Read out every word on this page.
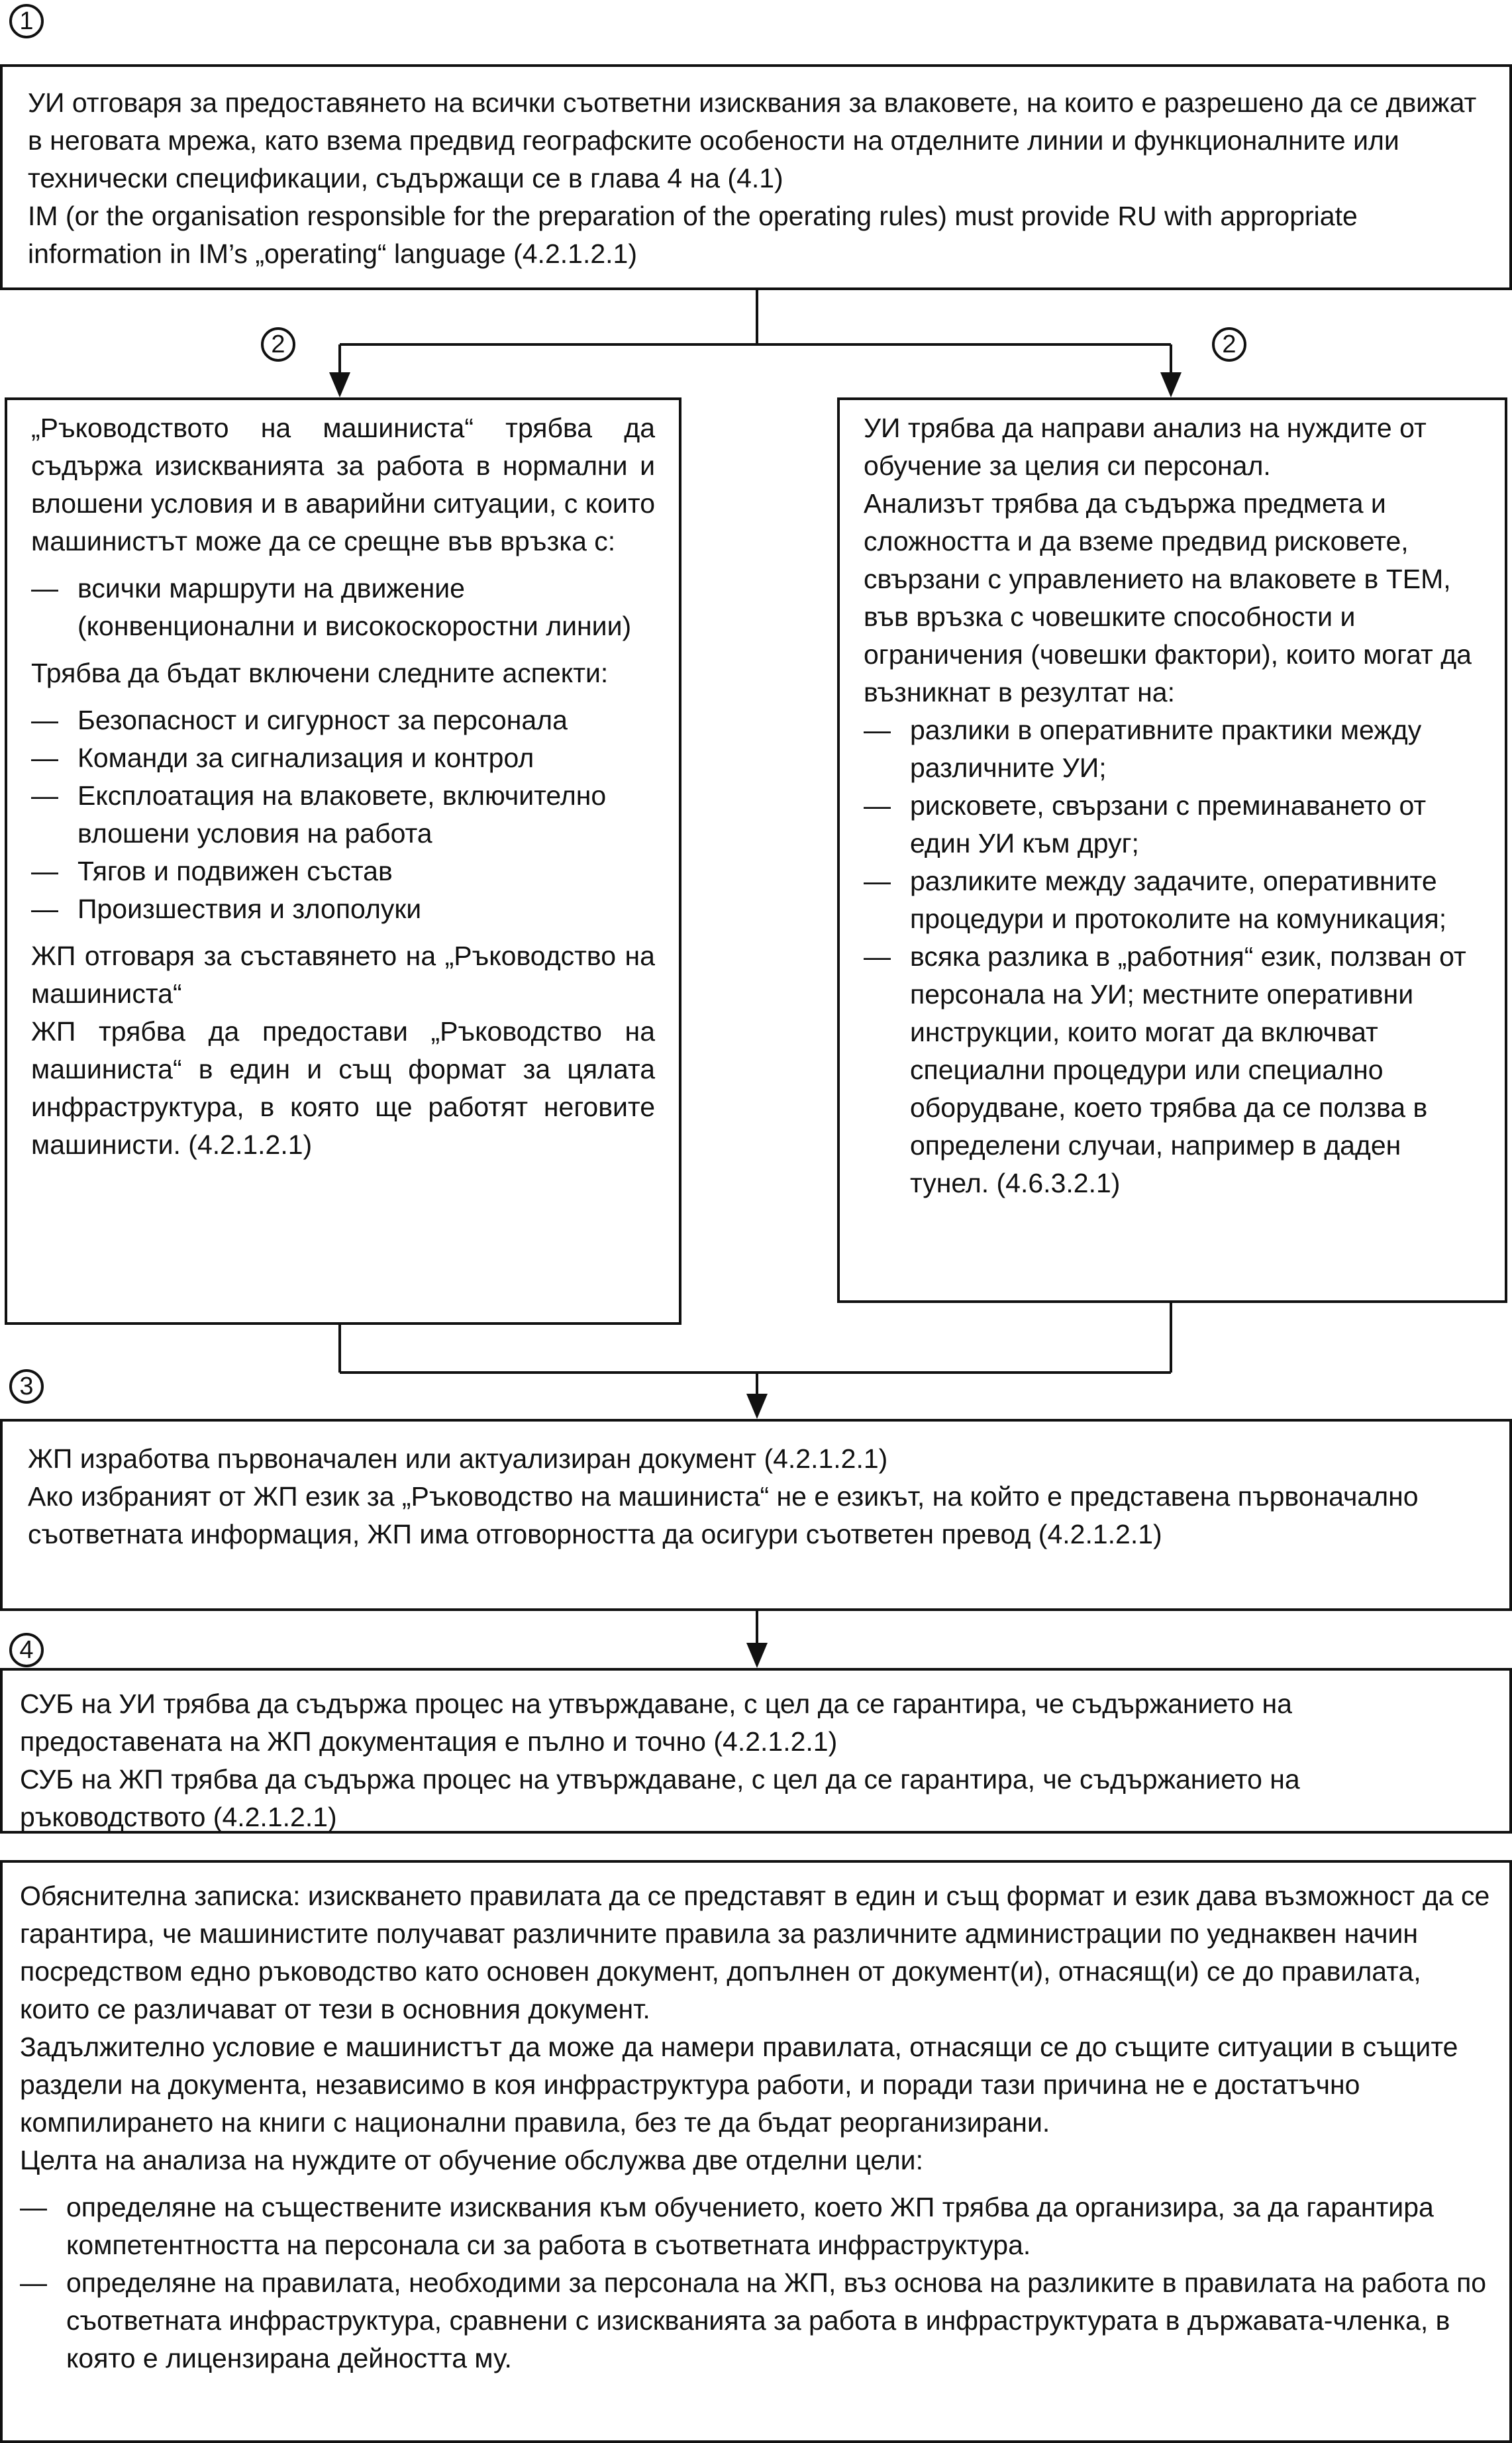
1
2	2
3
4

УИ отговаря за предоставянето на всички съответни изисквания за влаковете, на които е разрешено да се движат в неговата мрежа, като взема предвид географските особености на отделните линии и функционалните или технически спецификации, съдържащи се в глава 4 на (4.1)

IM (or the organisation responsible for the preparation of the operating rules) must provide RU with appropriate information in IM’s „operating“ language (4.2.1.2.1)

„Ръководството на машиниста“ трябва да съдържа изискванията за работа в нормални и влошени условия и в аварийни ситуации, с които машинистът може да се срещне във връзка с:

— всички маршрути на движение (конвенционални и високоскоростни линии)

Трябва да бъдат включени следните аспекти:

— Безопасност и сигурност за персонала
— Команди за сигнализация и контрол
— Експлоатация на влаковете, включително влошени условия на работа
— Тягов и подвижен състав
— Произшествия и злополуки

ЖП отговаря за съставянето на „Ръководство на машиниста“

ЖП трябва да предостави „Ръководство на машиниста“ в един и същ формат за цялата инфраструктура, в която ще работят неговите машинисти. (4.2.1.2.1)

УИ трябва да направи анализ на нуждите от обучение за целия си персонал.

Анализът трябва да съдържа предмета и сложността и да вземе предвид рисковете, свързани с управлението на влаковете в ТЕМ, във връзка с човешките способности и ограничения (човешки фактори), които могат да възникнат в резултат на:

— разлики в оперативните практики между различните УИ;
— рисковете, свързани с преминаването от един УИ към друг;
— разликите между задачите, оперативните процедури и протоколите на комуникация;
— всяка разлика в „работния“ език, ползван от персонала на УИ; местните оперативни инструкции, които могат да включват специални процедури или специално оборудване, което трябва да се ползва в определени случаи, например в даден тунел. (4.6.3.2.1)

ЖП изработва първоначален или актуализиран документ (4.2.1.2.1)

Ако избраният от ЖП език за „Ръководство на машиниста“ не е езикът, на който е представена първоначално съответната информация, ЖП има отговорността да осигури съответен превод (4.2.1.2.1)

СУБ на УИ трябва да съдържа процес на утвърждаване, с цел да се гарантира, че съдържанието на предоставената на ЖП документация е пълно и точно (4.2.1.2.1)

СУБ на ЖП трябва да съдържа процес на утвърждаване, с цел да се гарантира, че съдържанието на ръководството (4.2.1.2.1)

Обяснителна записка: изискването правилата да се представят в един и същ формат и език дава възможност да се гарантира, че машинистите получават различните правила за различните администрации по уеднаквен начин посредством едно ръководство като основен документ, допълнен от документ(и), отнасящ(и) се до правилата, които се различават от тези в основния документ.

Задължително условие е машинистът да може да намери правилата, отнасящи се до същите ситуации в същите раздели на документа, независимо в коя инфраструктура работи, и поради тази причина не е достатъчно компилирането на книги с национални правила, без те да бъдат реорганизирани.

Целта на анализа на нуждите от обучение обслужва две отделни цели:

— определяне на съществените изисквания към обучението, което ЖП трябва да организира, за да гарантира компетентността на персонала си за работа в съответната инфраструктура.
— определяне на правилата, необходими за персонала на ЖП, въз основа на разликите в правилата на работа по съответната инфраструктура, сравнени с изискванията за работа в инфраструктурата в държавата-членка, в която е лицензирана дейността му.
